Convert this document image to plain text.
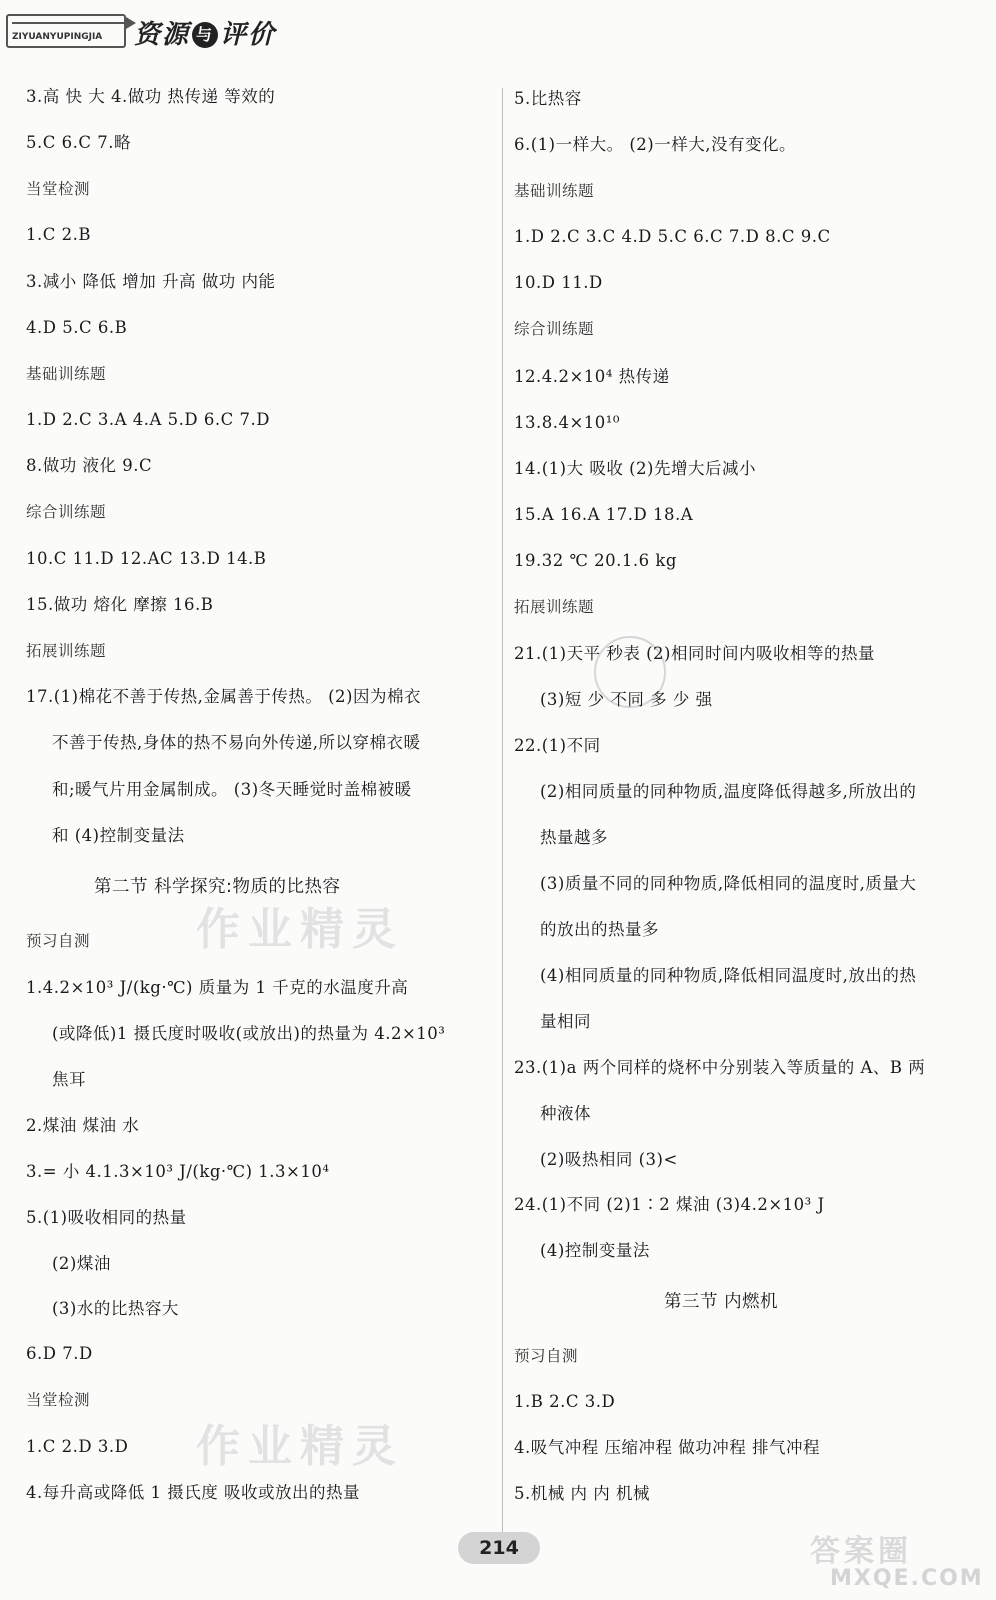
ZIYUANYUPINGJIA 资源 与 评价
作业精灵
作业精灵
3.高 快 大 4.做功 热传递 等效的
5.C 6.C 7.略
当堂检测
1.C 2.B
3.减小 降低 增加 升高 做功 内能
4.D 5.C 6.B
基础训练题
1.D 2.C 3.A 4.A 5.D 6.C 7.D
8.做功 液化 9.C
综合训练题
10.C 11.D 12.AC 13.D 14.B
15.做功 熔化 摩擦 16.B
拓展训练题
17.(1)棉花不善于传热,金属善于传热。 (2)因为棉衣
不善于传热,身体的热不易向外传递,所以穿棉衣暖
和;暖气片用金属制成。 (3)冬天睡觉时盖棉被暖
和 (4)控制变量法
第二节 科学探究:物质的比热容
预习自测
1.4.2×10³ J/(kg·℃) 质量为 1 千克的水温度升高
(或降低)1 摄氏度时吸收(或放出)的热量为 4.2×10³
焦耳
2.煤油 煤油 水
3.= 小 4.1.3×10³ J/(kg·℃) 1.3×10⁴
5.(1)吸收相同的热量
(2)煤油
(3)水的比热容大
6.D 7.D
当堂检测
1.C 2.D 3.D
4.每升高或降低 1 摄氏度 吸收或放出的热量
5.比热容
6.(1)一样大。 (2)一样大,没有变化。
基础训练题
1.D 2.C 3.C 4.D 5.C 6.C 7.D 8.C 9.C
10.D 11.D
综合训练题
12.4.2×10⁴ 热传递
13.8.4×10¹⁰
14.(1)大 吸收 (2)先增大后减小
15.A 16.A 17.D 18.A
19.32 ℃ 20.1.6 kg
拓展训练题
21.(1)天平 秒表 (2)相同时间内吸收相等的热量
(3)短 少 不同 多 少 强
22.(1)不同
(2)相同质量的同种物质,温度降低得越多,所放出的
热量越多
(3)质量不同的同种物质,降低相同的温度时,质量大
的放出的热量多
(4)相同质量的同种物质,降低相同温度时,放出的热
量相同
23.(1)a 两个同样的烧杯中分别装入等质量的 A、B 两
种液体
(2)吸热相同 (3)<
24.(1)不同 (2)1∶2 煤油 (3)4.2×10³ J
(4)控制变量法
第三节 内燃机
预习自测
1.B 2.C 3.D
4.吸气冲程 压缩冲程 做功冲程 排气冲程
5.机械 内 内 机械
214	答案圈
MXQE.COM
